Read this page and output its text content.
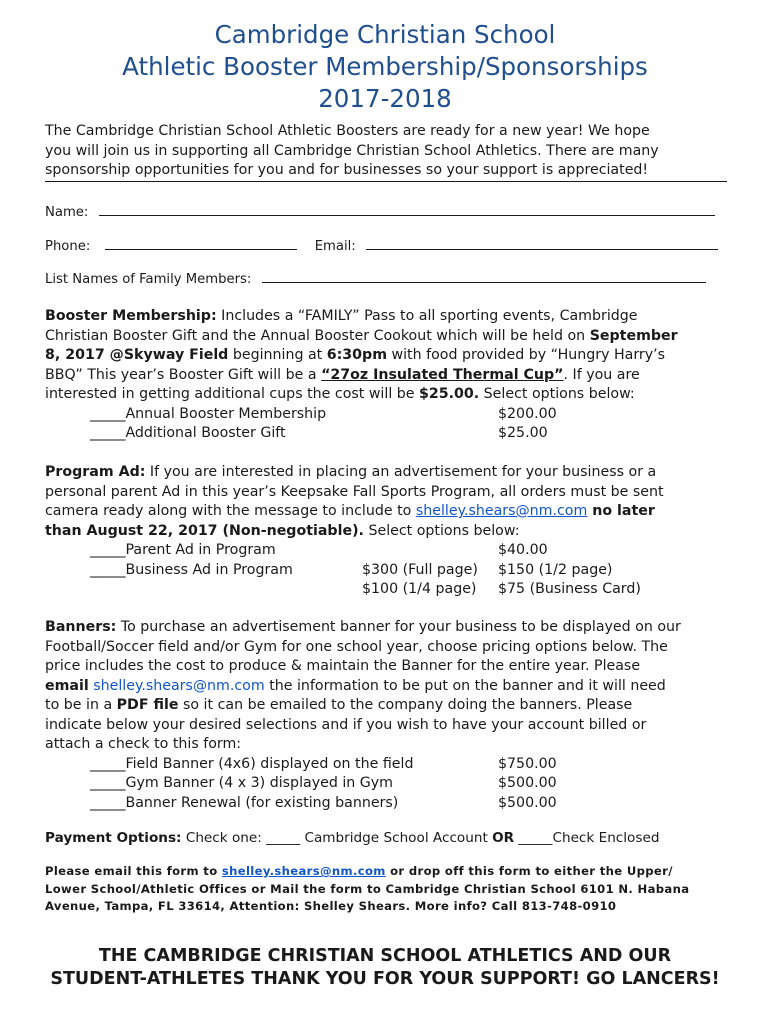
Cambridge Christian School
Athletic Booster Membership/Sponsorships
2017-2018
The Cambridge Christian School Athletic Boosters are ready for a new year! We hope
you will join us in supporting all Cambridge Christian School Athletics. There are many
sponsorship opportunities for you and for businesses so your support is appreciated!
Name:
Phone:	Email:
List Names of Family Members:
Booster Membership: Includes a “FAMILY” Pass to all sporting events, Cambridge
Christian Booster Gift and the Annual Booster Cookout which will be held on September
8, 2017 @Skyway Field beginning at 6:30pm with food provided by “Hungry Harry’s
BBQ” This year’s Booster Gift will be a “27oz Insulated Thermal Cup”. If you are
interested in getting additional cups the cost will be $25.00. Select options below:
_____Annual Booster Membership	$200.00
_____Additional Booster Gift	$25.00
Program Ad: If you are interested in placing an advertisement for your business or a
personal parent Ad in this year’s Keepsake Fall Sports Program, all orders must be sent
camera ready along with the message to include to shelley.shears@nm.com no later
than August 22, 2017 (Non-negotiable). Select options below:
_____Parent Ad in Program	$40.00
_____Business Ad in Program	$300 (Full page) $150 (1/2 page)
$100 (1/4 page) $75 (Business Card)
Banners: To purchase an advertisement banner for your business to be displayed on our
Football/Soccer field and/or Gym for one school year, choose pricing options below. The
price includes the cost to produce & maintain the Banner for the entire year. Please
email shelley.shears@nm.com the information to be put on the banner and it will need
to be in a PDF file so it can be emailed to the company doing the banners. Please
indicate below your desired selections and if you wish to have your account billed or
attach a check to this form:
_____Field Banner (4x6) displayed on the field	$750.00
_____Gym Banner (4 x 3) displayed in Gym	$500.00
_____Banner Renewal (for existing banners)	$500.00
Payment Options: Check one: _____ Cambridge School Account OR _____Check Enclosed
Please email this form to shelley.shears@nm.com or drop off this form to either the Upper/
Lower School/Athletic Offices or Mail the form to Cambridge Christian School 6101 N. Habana
Avenue, Tampa, FL 33614, Attention: Shelley Shears. More info? Call 813-748-0910
THE CAMBRIDGE CHRISTIAN SCHOOL ATHLETICS AND OUR
STUDENT-ATHLETES THANK YOU FOR YOUR SUPPORT! GO LANCERS!
